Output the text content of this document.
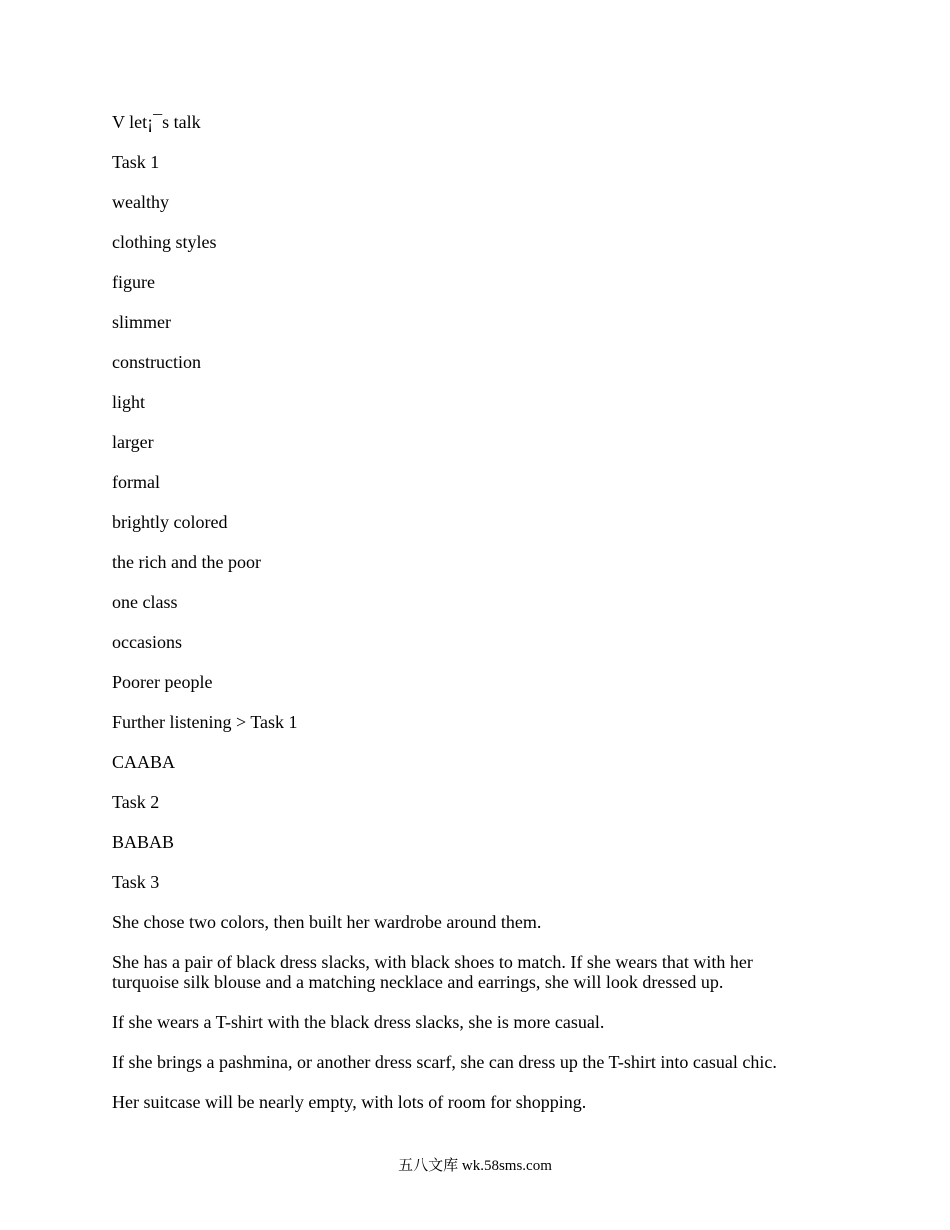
V let¡¯s talk

Task 1

wealthy

clothing styles

figure

slimmer

construction

light

larger

formal

brightly colored

the rich and the poor

one class

occasions

Poorer people

Further listening > Task 1

CAABA

Task 2

BABAB

Task 3

She chose two colors, then built her wardrobe around them.

She has a pair of black dress slacks, with black shoes to match. If she wears that with her turquoise silk blouse and a matching necklace and earrings, she will look dressed up.

If she wears a T-shirt with the black dress slacks, she is more casual.

If she brings a pashmina, or another dress scarf, she can dress up the T-shirt into casual chic.

Her suitcase will be nearly empty, with lots of room for shopping.

五八文库 wk.58sms.com
